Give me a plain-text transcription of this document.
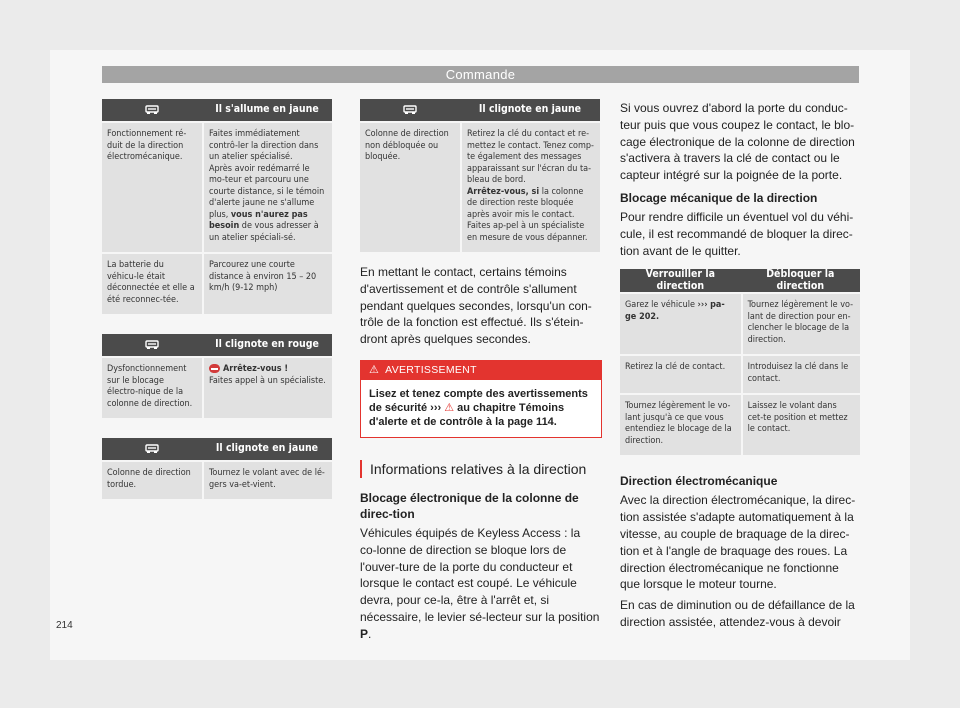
Commande
	Il s'allume en jaune
Fonctionnement ré-duit de la direction électromécanique.	Faites immédiatement contrô-ler la direction dans un atelier spécialisé.
Après avoir redémarré le mo-teur et parcouru une courte distance, si le témoin d'alerte jaune ne s'allume plus, vous n'aurez pas besoin de vous adresser à un atelier spéciali-sé.
La batterie du véhicu-le était déconnectée et elle a été reconnec-tée.	Parcourez une courte distance à environ 15 – 20 km/h (9-12 mph)
	Il clignote en rouge
Dysfonctionnement sur le blocage électro-nique de la colonne de direction.	Arrêtez-vous !
Faites appel à un spécialiste.
	Il clignote en jaune
Colonne de direction tordue.	Tournez le volant avec de lé-gers va-et-vient.
	Il clignote en jaune
Colonne de direction non débloquée ou bloquée.	Retirez la clé du contact et re-mettez le contact. Tenez comp-te également des messages apparaissant sur l'écran du ta-bleau de bord.
Arrêtez-vous, si la colonne de direction reste bloquée après avoir mis le contact. Faites ap-pel à un spécialiste en mesure de vous dépanner.

En mettant le contact, certains témoins d'avertissement et de contrôle s'allument pendant quelques secondes, lorsqu'un con-trôle de la fonction est effectué. Ils s'étein-dront après quelques secondes.

⚠ AVERTISSEMENT
Lisez et tenez compte des avertissements de sécurité ››› ⚠ au chapitre Témoins d'alerte et de contrôle à la page 114.
Informations relatives à la direction
Blocage électronique de la colonne de direc-tion

Véhicules équipés de Keyless Access : la co-lonne de direction se bloque lors de l'ouver-ture de la porte du conducteur et lorsque le contact est coupé. Le véhicule devra, pour ce-la, être à l'arrêt et, si nécessaire, le levier sé-lecteur sur la position P.

Si vous ouvrez d'abord la porte du conduc-teur puis que vous coupez le contact, le blo-cage électronique de la colonne de direction s'activera à travers la clé de contact ou le capteur intégré sur la poignée de la porte.

Blocage mécanique de la direction

Pour rendre difficile un éventuel vol du véhi-cule, il est recommandé de bloquer la direc-tion avant de le quitter.

Verrouiller la direction	Débloquer la direction
Garez le véhicule ››› pa-ge 202.	Tournez légèrement le vo-lant de direction pour en-clencher le blocage de la direction.
Retirez la clé de contact.	Introduisez la clé dans le contact.
Tournez légèrement le vo-lant jusqu'à ce que vous entendiez le blocage de la direction.	Laissez le volant dans cet-te position et mettez le contact.
Direction électromécanique

Avec la direction électromécanique, la direc-tion assistée s'adapte automatiquement à la vitesse, au couple de braquage de la direc-tion et à l'angle de braquage des roues. La direction électromécanique ne fonctionne que lorsque le moteur tourne.

En cas de diminution ou de défaillance de la direction assistée, attendez-vous à devoir

214
